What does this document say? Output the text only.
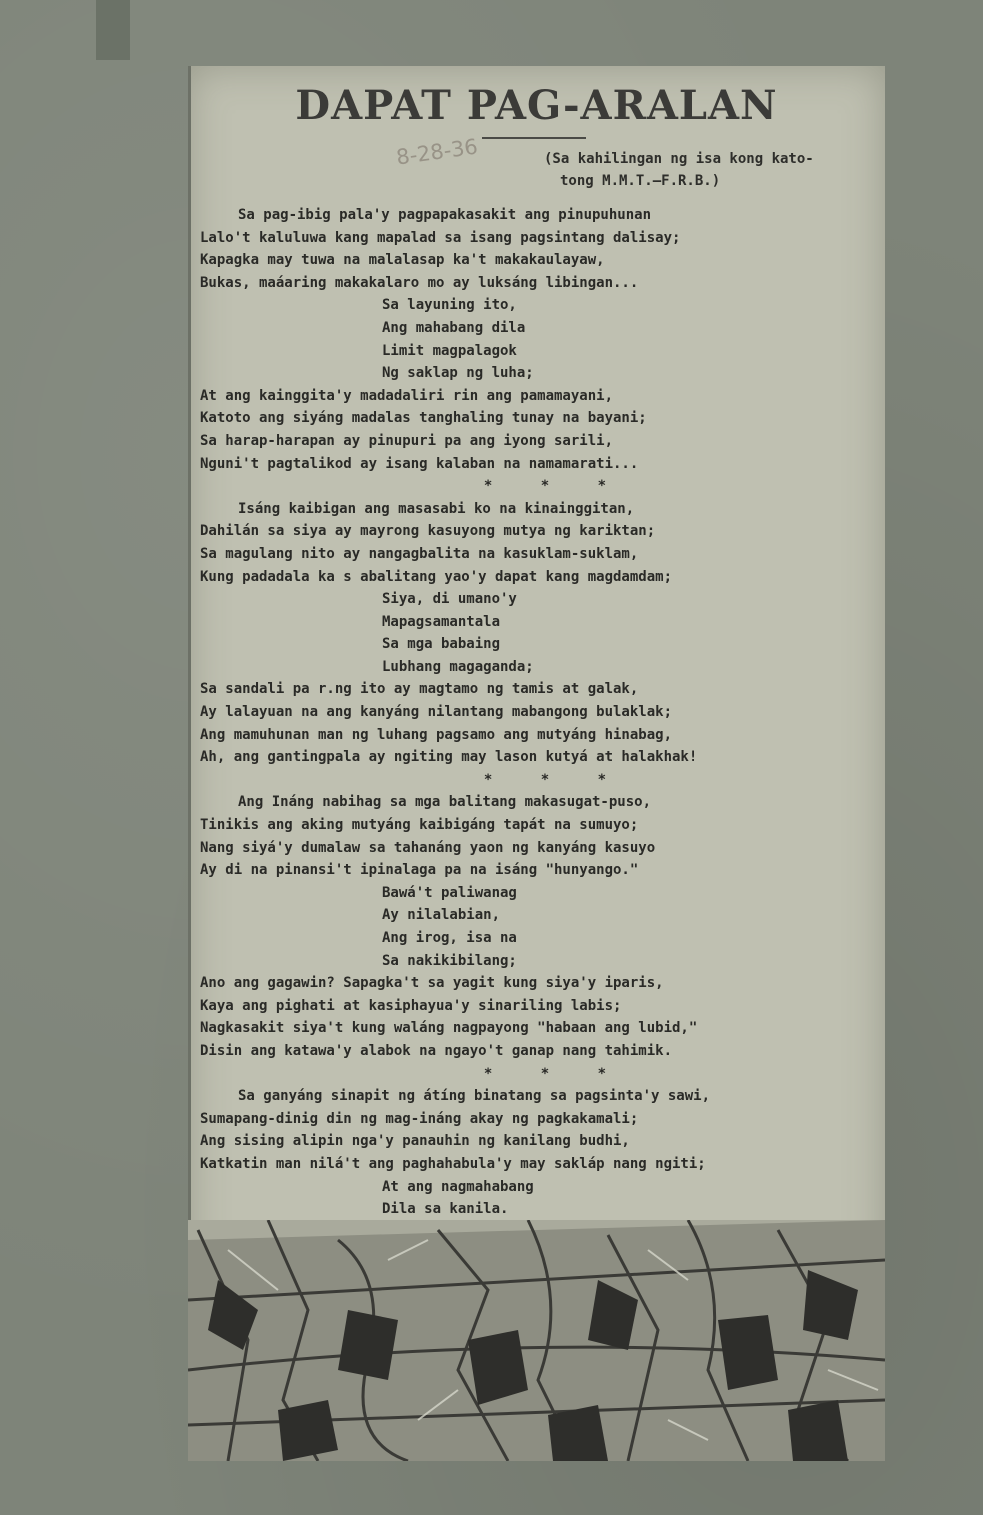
DAPAT PAG-ARALAN
8-28-36	(Sa kahilingan ng isa kong kato-
tong M.M.T.—F.R.B.)
Sa pag-ibig pala'y pagpapakasakit ang pinupuhunan
Lalo't kaluluwa kang mapalad sa isang pagsintang dalisay;
Kapagka may tuwa na malalasap ka't makakaulayaw,
Bukas, maáaring makakalaro mo ay luksáng libingan...
Sa layuning ito,
Ang mahabang dila
Limit magpalagok
Ng saklap ng luha;
At ang kainggita'y madadaliri rin ang pamamayani,
Katoto ang siyáng madalas tanghaling tunay na bayani;
Sa harap-harapan ay pinupuri pa ang iyong sarili,
Nguni't pagtalikod ay isang kalaban na namamarati...
* * *
Isáng kaibigan ang masasabi ko na kinainggitan,
Dahilán sa siya ay mayrong kasuyong mutya ng kariktan;
Sa magulang nito ay nangagbalita na kasuklam-suklam,
Kung padadala ka s abalitang yao'y dapat kang magdamdam;
Siya, di umano'y
Mapagsamantala
Sa mga babaing
Lubhang magaganda;
Sa sandali pa r.ng ito ay magtamo ng tamis at galak,
Ay lalayuan na ang kanyáng nilantang mabangong bulaklak;
Ang mamuhunan man ng luhang pagsamo ang mutyáng hinabag,
Ah, ang gantingpala ay ngiting may lason kutyá at halakhak!
* * *
Ang Ináng nabihag sa mga balitang makasugat-puso,
Tinikis ang aking mutyáng kaibigáng tapát na sumuyo;
Nang siyá'y dumalaw sa tahanáng yaon ng kanyáng kasuyo
Ay di na pinansi't ipinalaga pa na isáng "hunyango."
Bawá't paliwanag
Ay nilalabian,
Ang irog, isa na
Sa nakikibilang;
Ano ang gagawin? Sapagka't sa yagit kung siya'y iparis,
Kaya ang pighati at kasiphayua'y sinariling labis;
Nagkasakit siya't kung waláng nagpayong "habaan ang lubid,"
Disin ang katawa'y alabok na ngayo't ganap nang tahimik.
* * *
Sa ganyáng sinapit ng átíng binatang sa pagsinta'y sawi,
Sumapang-dinig din ng mag-ináng akay ng pagkakamali;
Ang sising alipin nga'y panauhin ng kanilang budhi,
Katkatin man nilá't ang paghahabula'y may sakláp nang ngiti;
At ang nagmahabang
Dila sa kanila.
